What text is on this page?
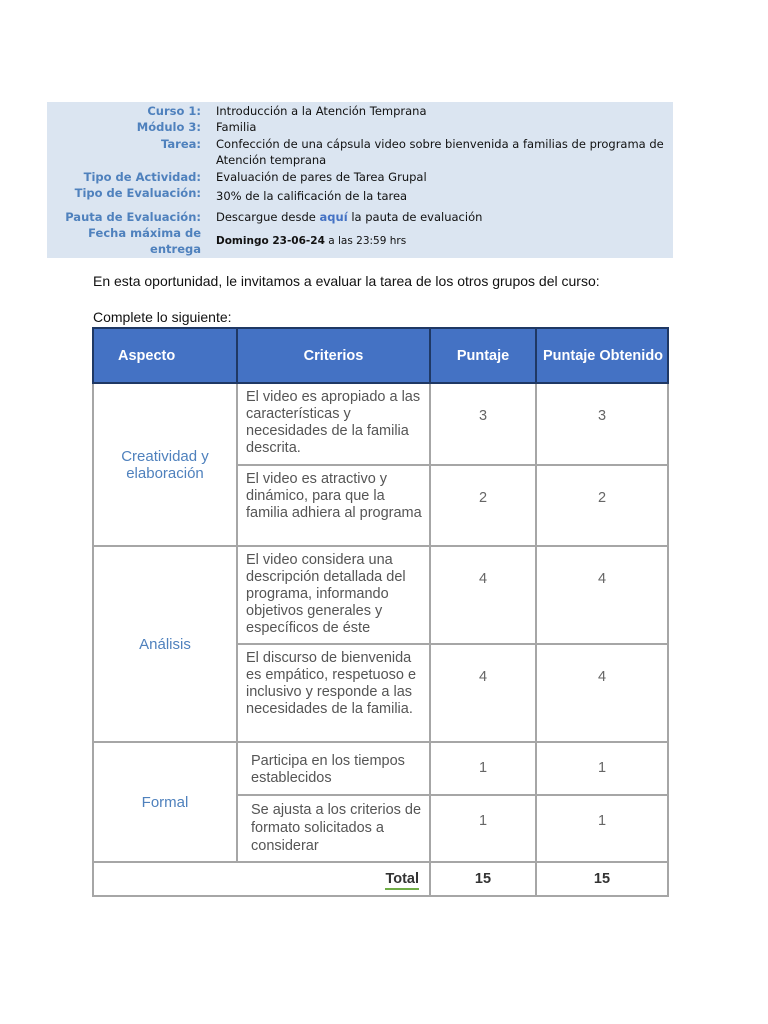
Curso 1: Introducción a la Atención Temprana
Módulo 3: Familia
Tarea: Confección de una cápsula video sobre bienvenida a familias de programa de Atención temprana
Tipo de Actividad: Evaluación de pares de Tarea Grupal
Tipo de Evaluación: 30% de la calificación de la tarea
Pauta de Evaluación: Descargue desde aquí la pauta de evaluación
Fecha máxima de entrega
Domingo 23-06-24 a las 23:59 hrs
En esta oportunidad, le invitamos a evaluar la tarea de los otros grupos del curso:
Complete lo siguiente:
Aspecto	Criterios	Puntaje	Puntaje Obtenido
Creatividad y elaboración	El video es apropiado a las características y necesidades de la familia descrita.	3	3
	El video es atractivo y dinámico, para que la familia adhiera al programa	2	2
Análisis	El video considera una descripción detallada del programa, informando objetivos generales y específicos de éste	4	4
	El discurso de bienvenida es empático, respetuoso e inclusivo y responde a las necesidades de la familia.	4	4
Formal	Participa en los tiempos establecidos	1	1
	Se ajusta a los criterios de formato solicitados a considerar	1	1
Total		15	15
